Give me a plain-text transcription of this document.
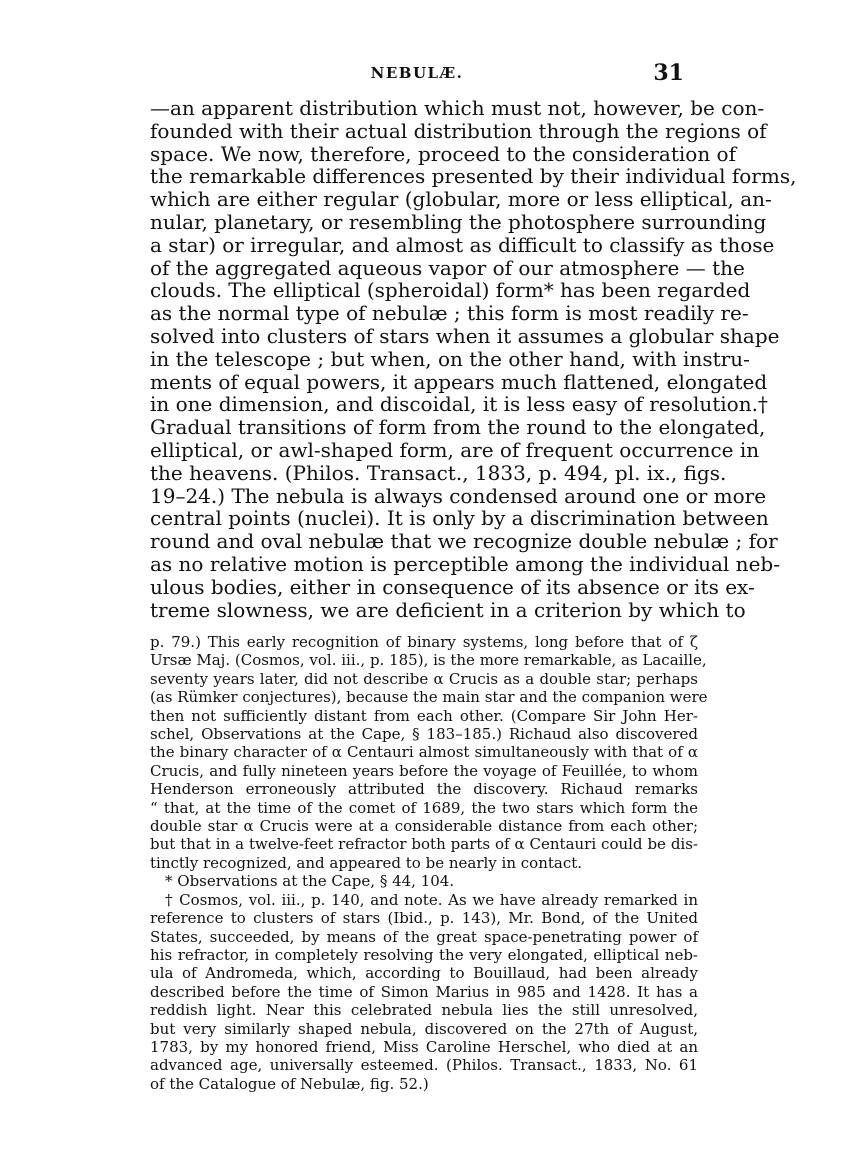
NEBULÆ.	31
—an apparent distribution which must not, however, be con-
founded with their actual distribution through the regions of
space. We now, therefore, proceed to the consideration of
the remarkable differences presented by their individual forms,
which are either regular (globular, more or less elliptical, an-
nular, planetary, or resembling the photosphere surrounding
a star) or irregular, and almost as difficult to classify as those
of the aggregated aqueous vapor of our atmosphere — the
clouds. The elliptical (spheroidal) form* has been regarded
as the normal type of nebulæ ; this form is most readily re-
solved into clusters of stars when it assumes a globular shape
in the telescope ; but when, on the other hand, with instru-
ments of equal powers, it appears much flattened, elongated
in one dimension, and discoidal, it is less easy of resolution.†
Gradual transitions of form from the round to the elongated,
elliptical, or awl-shaped form, are of frequent occurrence in
the heavens. (Philos. Transact., 1833, p. 494, pl. ix., figs.
19–24.) The nebula is always condensed around one or more
central points (nuclei). It is only by a discrimination between
round and oval nebulæ that we recognize double nebulæ ; for
as no relative motion is perceptible among the individual neb-
ulous bodies, either in consequence of its absence or its ex-
treme slowness, we are deficient in a criterion by which to
p. 79.) This early recognition of binary systems, long before that of ζ
Ursæ Maj. (Cosmos, vol. iii., p. 185), is the more remarkable, as Lacaille,
seventy years later, did not describe α Crucis as a double star; perhaps
(as Rümker conjectures), because the main star and the companion were
then not sufficiently distant from each other. (Compare Sir John Her-
schel, Observations at the Cape, § 183–185.) Richaud also discovered
the binary character of α Centauri almost simultaneously with that of α
Crucis, and fully nineteen years before the voyage of Feuillée, to whom
Henderson erroneously attributed the discovery. Richaud remarks
“ that, at the time of the comet of 1689, the two stars which form the
double star α Crucis were at a considerable distance from each other;
but that in a twelve-feet refractor both parts of α Centauri could be dis-
tinctly recognized, and appeared to be nearly in contact.
* Observations at the Cape, § 44, 104.
† Cosmos, vol. iii., p. 140, and note. As we have already remarked in
reference to clusters of stars (Ibid., p. 143), Mr. Bond, of the United
States, succeeded, by means of the great space-penetrating power of
his refractor, in completely resolving the very elongated, elliptical neb-
ula of Andromeda, which, according to Bouillaud, had been already
described before the time of Simon Marius in 985 and 1428. It has a
reddish light. Near this celebrated nebula lies the still unresolved,
but very similarly shaped nebula, discovered on the 27th of August,
1783, by my honored friend, Miss Caroline Herschel, who died at an
advanced age, universally esteemed. (Philos. Transact., 1833, No. 61
of the Catalogue of Nebulæ, fig. 52.)
